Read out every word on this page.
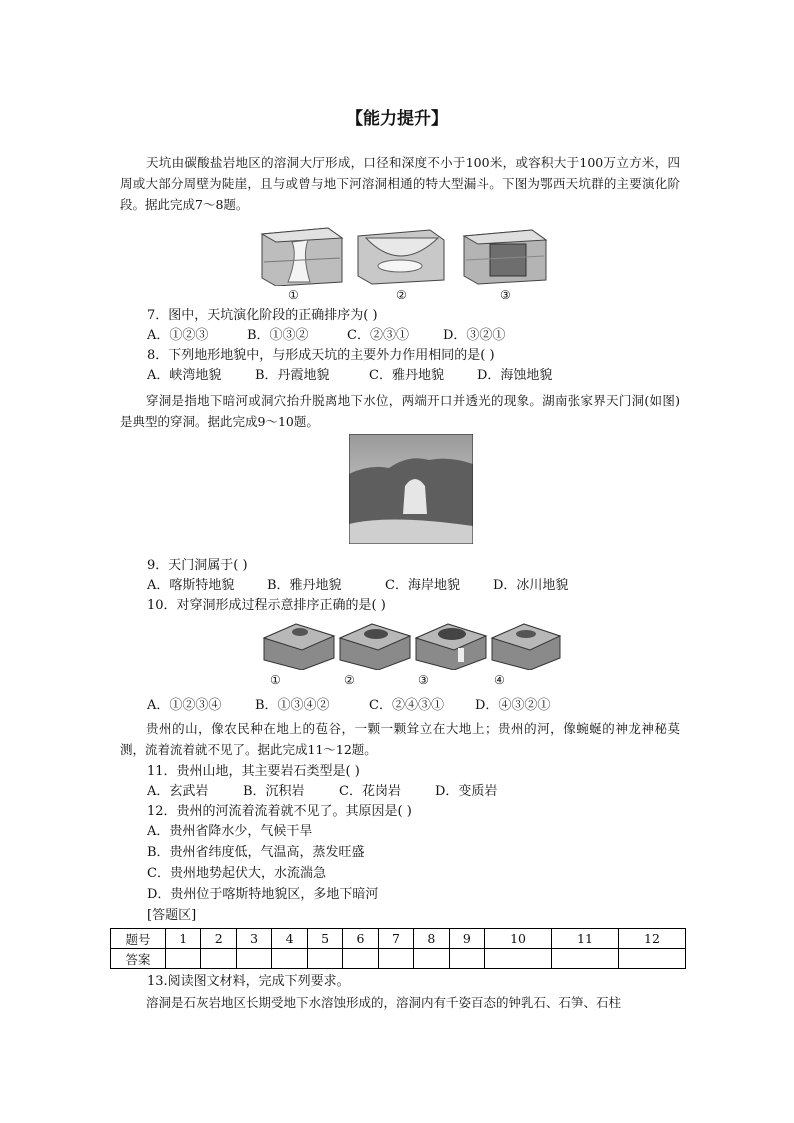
【能力提升】
天坑由碳酸盐岩地区的溶洞大厅形成，口径和深度不小于100米，或容积大于100万立方米，四周或大部分周壁为陡崖，且与或曾与地下河溶洞相通的特大型漏斗。下图为鄂西天坑群的主要演化阶段。据此完成7～8题。
①	②	③
7．图中，天坑演化阶段的正确排序为( )
A．①②③	B．①③②	C．②③①	D．③②①
8．下列地形地貌中，与形成天坑的主要外力作用相同的是( )
A．峡湾地貌	B．丹霞地貌	C．雅丹地貌	D．海蚀地貌
穿洞是指地下暗河或洞穴抬升脱离地下水位，两端开口并透光的现象。湖南张家界天门洞(如图)是典型的穿洞。据此完成9～10题。
9．天门洞属于( )
A．喀斯特地貌	B．雅丹地貌	C．海岸地貌	D．冰川地貌
10．对穿洞形成过程示意排序正确的是( )
①	②	③	④
A．①②③④	B．①③④②	C．②④③① D．④③②①
贵州的山，像农民种在地上的苞谷，一颗一颗耸立在大地上；贵州的河，像蜿蜒的神龙神秘莫测，流着流着就不见了。据此完成11～12题。
11．贵州山地，其主要岩石类型是( )
A．玄武岩	B．沉积岩	C．花岗岩	D．变质岩
12．贵州的河流着流着就不见了。其原因是( )
A．贵州省降水少，气候干旱
B．贵州省纬度低，气温高，蒸发旺盛
C．贵州地势起伏大，水流湍急
D．贵州位于喀斯特地貌区，多地下暗河
[答题区]
题号	1	2	3	4	5	6	7	8	9	10	11	12
答案												
13.阅读图文材料，完成下列要求。
溶洞是石灰岩地区长期受地下水溶蚀形成的，溶洞内有千姿百态的钟乳石、石笋、石柱
